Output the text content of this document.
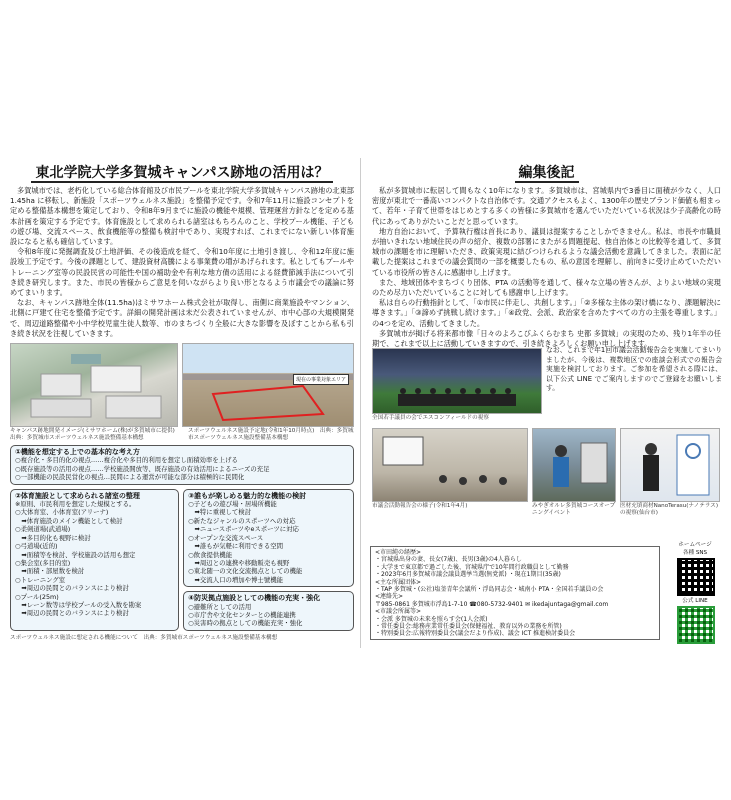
東北学院大学多賀城キャンパス跡地の活用は？
多賀城市では、老朽化している総合体育館及び市民プールを東北学院大学多賀城キャンパス跡地の北東部 1.45ha に移転し、新施設「スポーツウェルネス施設」を整備予定です。令和7年11月に施設コンセプトを定める整備基本構想を策定しており、令和8年9月までに施設の機能や規模、管理運営方針などを定める基本計画を策定する予定です。体育施設として求められる諸室はもちろんのこと、学校プール機能、子どもの遊び場、交流スペース、飲食機能等の整備も検討中であり、実現すれば、これまでにない新しい体育施設になると私も確信しています。
令和8年度に発掘調査及び土地評価、その後造成を経て、令和10年度に土地引き渡し、令和12年度に施設竣工予定です。今後の課題として、建設資材高騰による事業費の増があげられます。私としてもプールやトレーニング室等の民設民営の可能性や国の補助金や有利な地方債の活用による経費節減手法について引き続き研究します。また、市民の皆様からご意見を伺いながらより良い形となるよう市議会での議論に努めてまいります。
なお、キャンパス跡地全体(11.5ha)はミサワホーム株式会社が取得し、南側に商業施設やマンション、北側に戸建て住宅を整備予定です。詳細の開発計画は未だ公表されていませんが、市中心部の大規模開発で、周辺道路整備や小中学校児童生徒人数等、市のまちづくり全般に大きな影響を及ぼすことから私も引き続き状況を注視していきます。
現在の事業対象エリア
キャンパス跡地開発イメージ(ミサワホーム(株)が多賀城市に提供)　出典：多賀城市スポーツウェルネス施設整備基本構想
スポーツウェルネス施設予定地(令和1年10月時点)　出典：多賀城市スポーツウェルネス施設整備基本構想
①機能を想定する上での基本的な考え方
○複合化・多目的化の視点……複合化や多目的利用を想定し面積効率を上げる
○既存施設等の活用の視点……学校施設開放等、既存施設の有効活用によるニーズの充足
○一部機能の民設民営化の視点…民間による運営が可能な部分は積極的に民間化
②体育施設として求められる諸室の整理
※原則、市民利用を想定した規模とする。
○大体育室、小体育室(アリーナ)
　➡体育施設のメイン機能として検討
○柔剣道場(武道場)
　➡多目的化も視野に検討
○弓道場(近的)
　➡面積等を検討、学校施設の活用も想定
○集会室(多目的室)
　➡面積・部屋数を検討
○トレーニング室
　➡周辺の民間とのバランスにより検討
○プール(25m)
　➡レーン数等は学校プールの受入数を勘案
　➡周辺の民間とのバランスにより検討
③誰もが楽しめる魅力的な機能の検討
○子どもの遊び場・居場所機能
　➡特に重視して検討
○新たなジャンルのスポーツへの対応
　➡ニュースポーツやeスポーツに対応
○オープンな交流スペース
　➡誰もが気軽に利用できる空間
○飲食提供機能
　➡周辺との連携や移動販売も視野
○東北随一の文化交流拠点としての機能
　➡交流人口の増加や博士號機能
④防災拠点施設としての機能の充実・強化
○避難所としての活用
○市庁舎や文化センターとの機能連携
○災害時の拠点としての機能充実・強化
スポーツウェルネス施設に想定される機能について　出典：多賀城市スポーツウェルネス施設整備基本構想
編集後記
私が多賀城市に転居して間もなく10年になります。多賀城市は、宮城県内で3番目に面積が少なく、人口密度が東北で一番高いコンパクトな自治体です。交通アクセスもよく、1300年の歴史ブランド価値も相まって、若年・子育て世帯をはじめとする多くの皆様に多賀城市を選んでいただいている状況は少子高齢化の時代にあってありがたいことだと思っています。
地方自治において、予算執行権は首長にあり、議員は提案することしかできません。私は、市長や市職員が抽いきれない地域住民の声の紹介、複数の部署にまたがる問題提起、他自治体との比較等を通して、多賀城市の課題を市に理解いただき、政策実現に結びつけられるような議会活動を意識してきました。表面に記載した提案はこれまでの議会質問の一部を概要したもの、私の意図を理解し、前向きに受け止めていただいている市役所の皆さんに感謝申し上げます。
また、地域団体やまちづくり団体、PTA の活動等を通して、様々な立場の皆さんが、よりよい地域の実現のため尽力いただいていることに対しても感謝申し上げます。
私は自らの行動指針として、「①市民に伴走し、共創します。」「②多様な主体の架け橋になり、課題解決に導きます。」「③諦めず挑戦し続けます。」「④政党、会派、政治家を含めたすべての方の主張を尊重します。」の4つを定め、活動してきました。
多賀城市が掲げる将来都市像「日々のよろこびふくらむまち 史都 多賀城」の実現のため、残り1年半の任期で、これまで以上に活動していきますので、引き続きよろしくお願い申し上げます。
全国若手議員の会でエスコンフィールドの視察
なお、これまで年1回市議会活動報告会を実施してまいりましたが、今後は、複数地区での座談会形式での報告会実施を検討しております。ご参加を希望される際には、以下公式 LINE でご案内しますのでご登録をお願いします。
市議会活動報告会の様子(令和1年4月)	みやぎオルレ多賀城コースオープニングイベント
医材充填商材NanoTerasu(ナノテラス)の視察(仙台市)
<市田純の経歴>
・宮城県出身の妻、長女(7歳)、長男(3歳)の4人暮らし
・大学まで東京都で過ごした後、宮城県庁で10年間行政職員として勤務
・2023年6月多賀城市議会議員選挙当選(無党派) ・現在1期目(35歳)
<主な所属団体>
・TAP 多賀城・(公社)塩釜青年会議所・浮島同志会・城南小 PTA・全国若手議員の会
<連絡先>
〒985-0861 多賀城市浮島1-7-10 ☎080-5732-9401 ✉ ikedajuntaga@gmail.com
<市議会所属等>
・会派 多賀城の未来を照らす会(1人会派)
・常任委員会:総務産業常任委員会(保健福祉、教育以外の業務を所管)
・特別委員会:広報特別委員会(議会だより作成)、議会 ICT 推進検討委員会
ホームページ
各種 SNS
公式 LINE
